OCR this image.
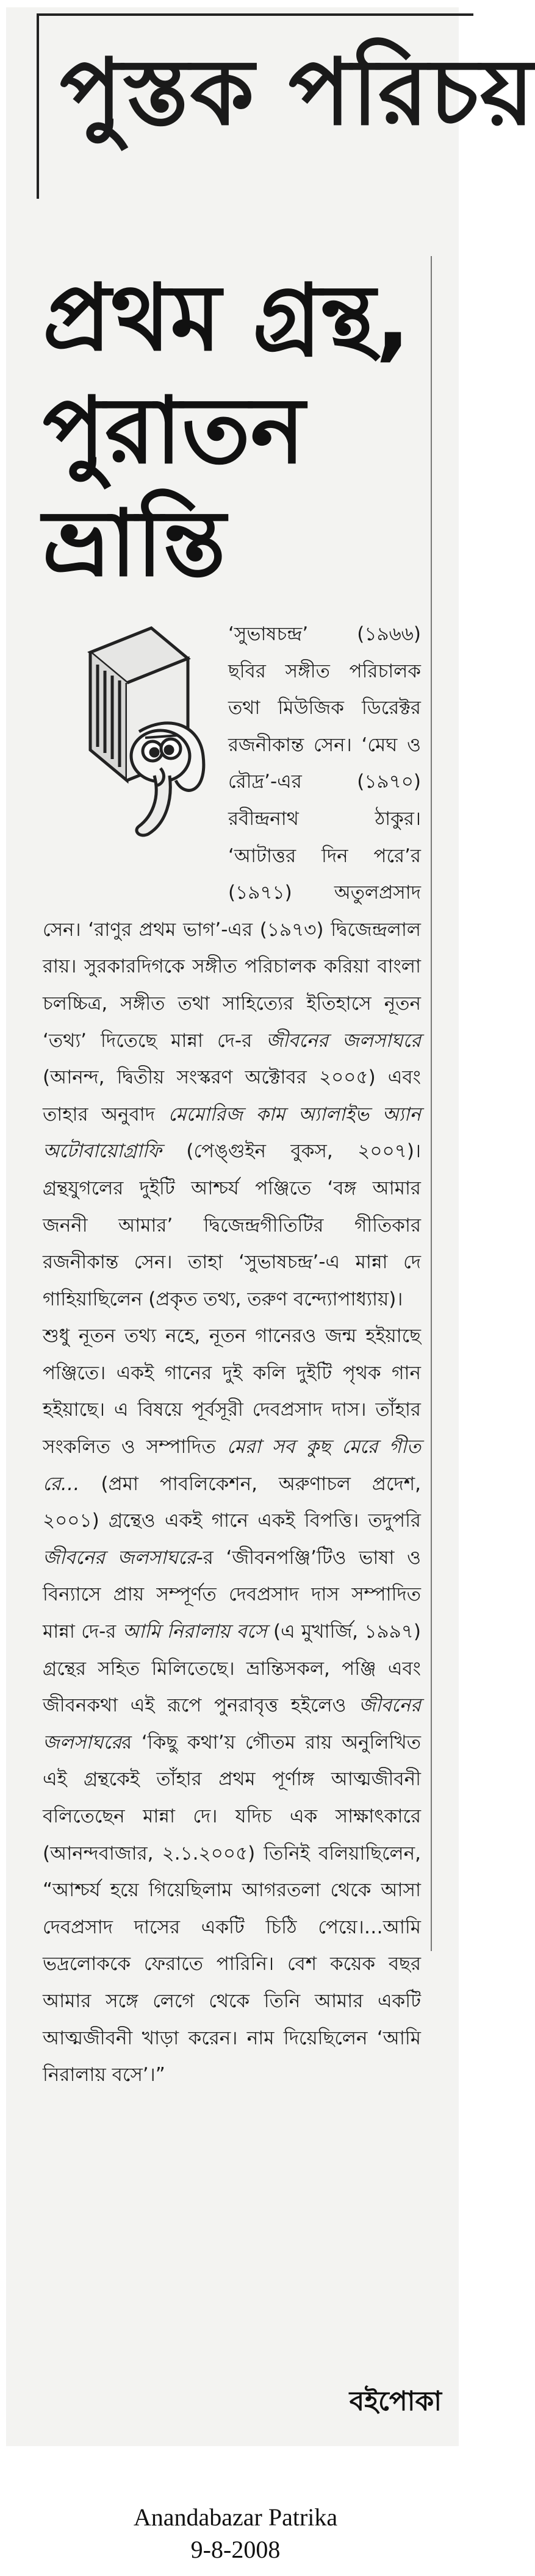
পুস্তক পরিচয়
প্রথম গ্রন্থ,
পুরাতন
ভ্রান্তি
‘সুভাষচন্দ্র’ (১৯৬৬) ছবির সঙ্গীত পরিচালক তথা মিউজিক ডিরেক্টর রজনীকান্ত সেন। ‘মেঘ ও রৌদ্র’-এর (১৯৭০) রবীন্দ্রনাথ ঠাকুর। ‘আটাত্তর দিন পরে’র (১৯৭১) অতুলপ্রসাদ সেন। ‘রাণুর প্রথম ভাগ’-এর (১৯৭৩) দ্বিজেন্দ্রলাল রায়। সুরকারদিগকে সঙ্গীত পরিচালক করিয়া বাংলা চলচ্চিত্র, সঙ্গীত তথা সাহিত্যের ইতিহাসে নূতন ‘তথ্য’ দিতেছে মান্না দে-র জীবনের জলসাঘরে (আনন্দ, দ্বিতীয় সংস্করণ অক্টোবর ২০০৫) এবং তাহার অনুবাদ মেমোরিজ কাম অ্যালাইভ অ্যান অটোবায়োগ্রাফি (পেঙ্গুইন বুকস, ২০০৭)। গ্রন্থযুগলের দুইটি আশ্চর্য পঞ্জিতে ‘বঙ্গ আমার জননী আমার’ দ্বিজেন্দ্রগীতিটির গীতিকার রজনীকান্ত সেন। তাহা ‘সুভাষচন্দ্র’-এ মান্না দে গাহিয়াছিলেন (প্রকৃত তথ্য, তরুণ বন্দ্যোপাধ্যায়)।
শুধু নূতন তথ্য নহে, নূতন গানেরও জন্ম হইয়াছে পঞ্জিতে। একই গানের দুই কলি দুইটি পৃথক গান হইয়াছে। এ বিষয়ে পূর্বসূরী দেবপ্রসাদ দাস। তাঁহার সংকলিত ও সম্পাদিত মেরা সব কুছ মেরে গীত রে… (প্রমা পাবলিকেশন, অরুণাচল প্রদেশ, ২০০১) গ্রন্থেও একই গানে একই বিপত্তি। তদুপরি জীবনের জলসাঘরে-র ‘জীবনপঞ্জি’টিও ভাষা ও বিন্যাসে প্রায় সম্পূর্ণত দেবপ্রসাদ দাস সম্পাদিত মান্না দে-র আমি নিরালায় বসে (এ মুখার্জি, ১৯৯৭) গ্রন্থের সহিত মিলিতেছে। ভ্রান্তিসকল, পঞ্জি এবং জীবনকথা এই রূপে পুনরাবৃত্ত হইলেও জীবনের জলসাঘরের ‘কিছু কথা’য় গৌতম রায় অনুলিখিত এই গ্রন্থকেই তাঁহার প্রথম পূর্ণাঙ্গ আত্মজীবনী বলিতেছেন মান্না দে। যদিচ এক সাক্ষাৎকারে (আনন্দবাজার, ২.১.২০০৫) তিনিই বলিয়াছিলেন, “আশ্চর্য হয়ে গিয়েছিলাম আগরতলা থেকে আসা দেবপ্রসাদ দাসের একটি চিঠি পেয়ে।…আমি ভদ্রলোককে ফেরাতে পারিনি। বেশ কয়েক বছর আমার সঙ্গে লেগে থেকে তিনি আমার একটি আত্মজীবনী খাড়া করেন। নাম দিয়েছিলেন ‘আমি নিরালায় বসে’।”
বইপোকা
Anandabazar Patrika
9-8-2008
